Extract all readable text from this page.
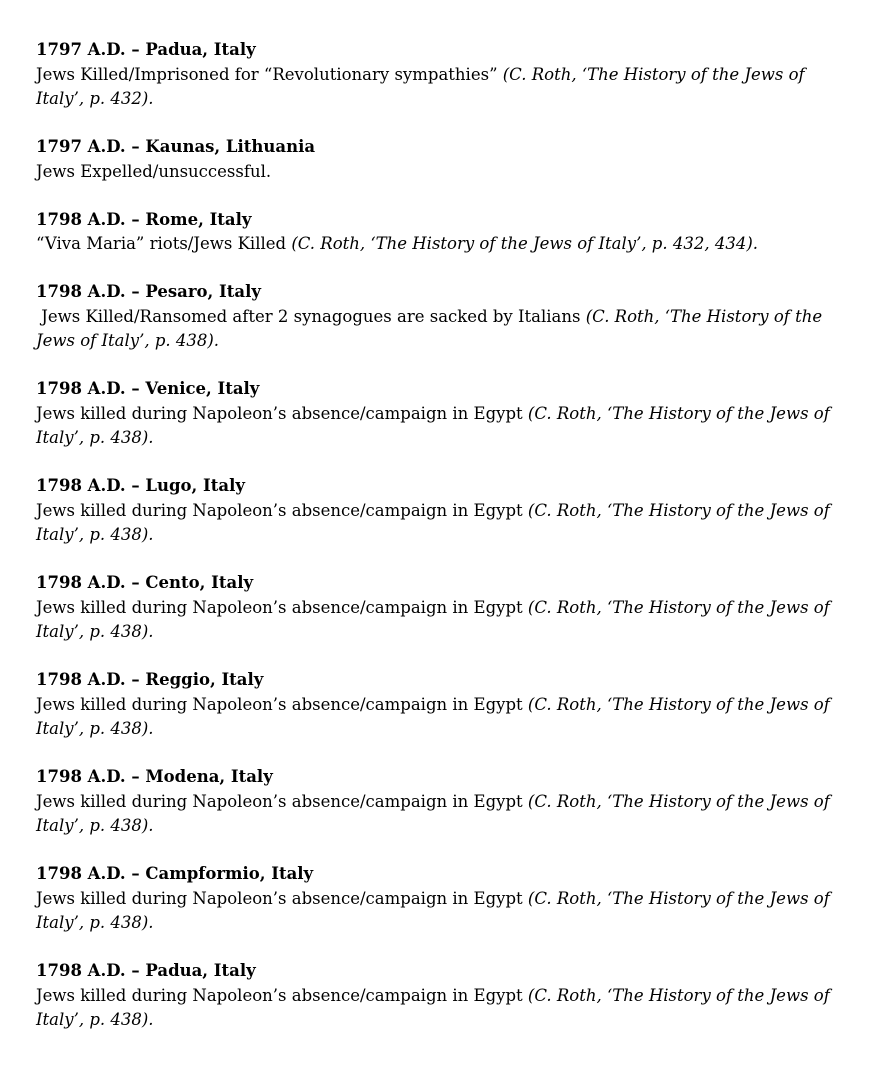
1797 A.D. – Padua, Italy

Jews Killed/Imprisoned for “Revolutionary sympathies” (C. Roth, ‘The History of the Jews of Italy’, p. 432).

1797 A.D. – Kaunas, Lithuania

Jews Expelled/unsuccessful.

1798 A.D. – Rome, Italy

“Viva Maria” riots/Jews Killed (C. Roth, ‘The History of the Jews of Italy’, p. 432, 434).

1798 A.D. – Pesaro, Italy

Jews Killed/Ransomed after 2 synagogues are sacked by Italians (C. Roth, ‘The History of the Jews of Italy’, p. 438).

1798 A.D. – Venice, Italy

Jews killed during Napoleon’s absence/campaign in Egypt (C. Roth, ‘The History of the Jews of Italy’, p. 438).

1798 A.D. – Lugo, Italy

Jews killed during Napoleon’s absence/campaign in Egypt (C. Roth, ‘The History of the Jews of Italy’, p. 438).

1798 A.D. – Cento, Italy

Jews killed during Napoleon’s absence/campaign in Egypt (C. Roth, ‘The History of the Jews of Italy’, p. 438).

1798 A.D. – Reggio, Italy

Jews killed during Napoleon’s absence/campaign in Egypt (C. Roth, ‘The History of the Jews of Italy’, p. 438).

1798 A.D. – Modena, Italy

Jews killed during Napoleon’s absence/campaign in Egypt (C. Roth, ‘The History of the Jews of Italy’, p. 438).

1798 A.D. – Campformio, Italy

Jews killed during Napoleon’s absence/campaign in Egypt (C. Roth, ‘The History of the Jews of Italy’, p. 438).

1798 A.D. – Padua, Italy

Jews killed during Napoleon’s absence/campaign in Egypt (C. Roth, ‘The History of the Jews of Italy’, p. 438).
